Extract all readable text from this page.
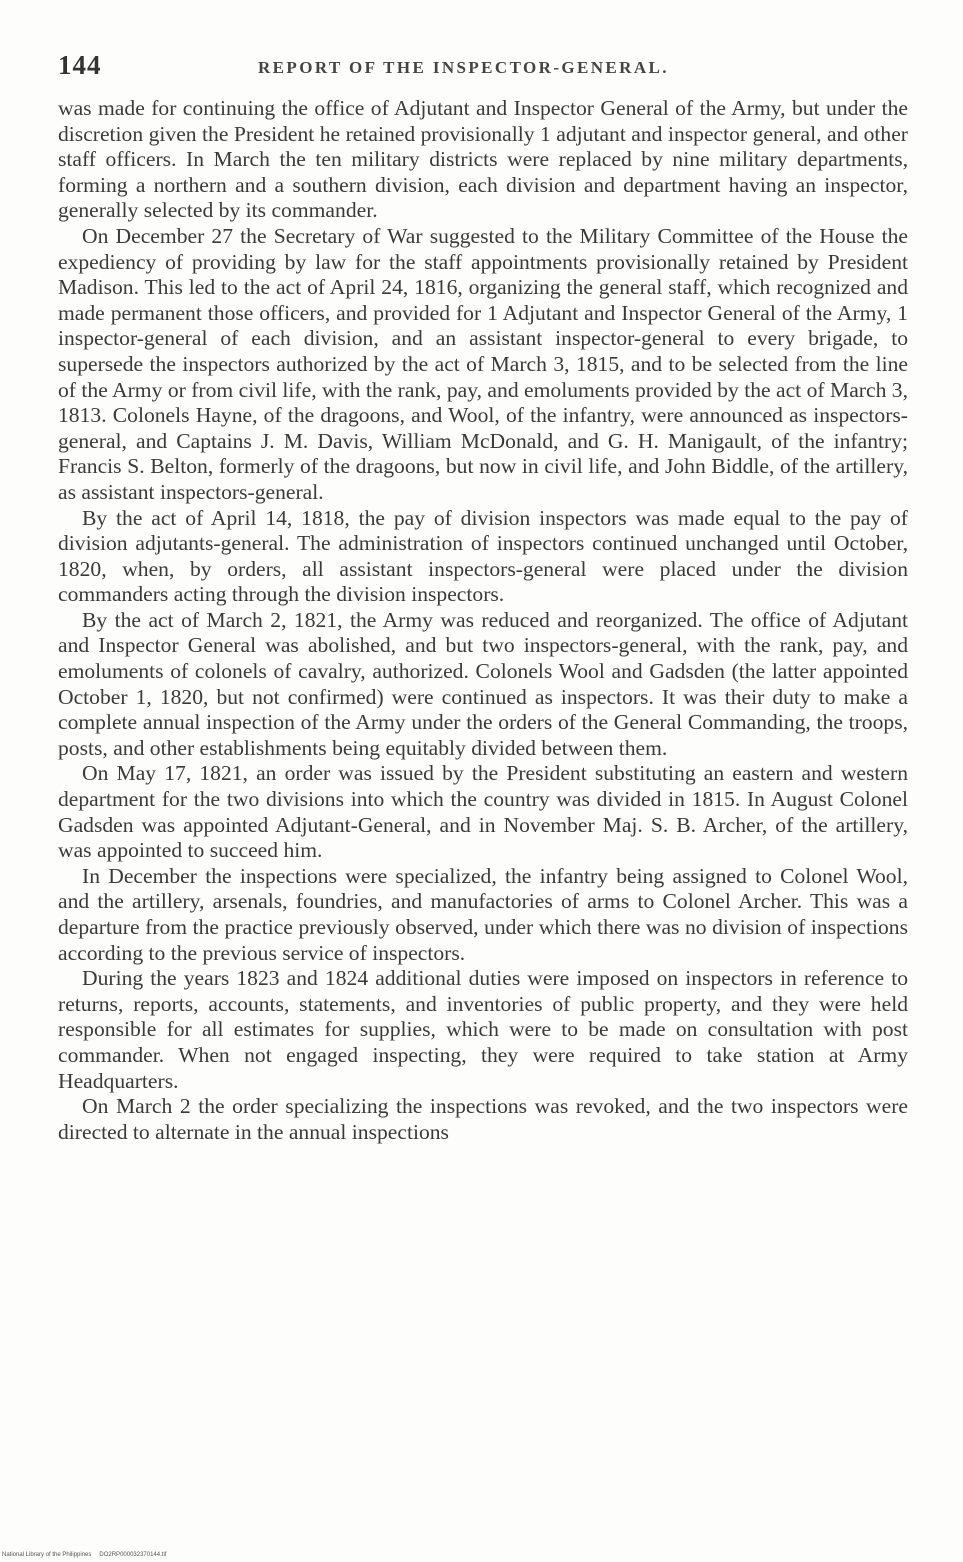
144	REPORT OF THE INSPECTOR-GENERAL.

was made for continuing the office of Adjutant and Inspector General of the Army, but under the discretion given the President he retained provisionally 1 adjutant and inspector general, and other staff officers. In March the ten military districts were replaced by nine military departments, forming a northern and a southern division, each division and department having an inspector, generally selected by its commander.

On December 27 the Secretary of War suggested to the Military Committee of the House the expediency of providing by law for the staff appointments provisionally retained by President Madison. This led to the act of April 24, 1816, organizing the general staff, which recognized and made permanent those officers, and provided for 1 Adjutant and Inspector General of the Army, 1 inspector-general of each division, and an assistant inspector-general to every brigade, to supersede the inspectors authorized by the act of March 3, 1815, and to be selected from the line of the Army or from civil life, with the rank, pay, and emoluments provided by the act of March 3, 1813. Colonels Hayne, of the dragoons, and Wool, of the infantry, were announced as inspectors-general, and Captains J. M. Davis, William McDonald, and G. H. Manigault, of the infantry; Francis S. Belton, formerly of the dragoons, but now in civil life, and John Biddle, of the artillery, as assistant inspectors-general.

By the act of April 14, 1818, the pay of division inspectors was made equal to the pay of division adjutants-general. The administration of inspectors continued unchanged until October, 1820, when, by orders, all assistant inspectors-general were placed under the division commanders acting through the division inspectors.

By the act of March 2, 1821, the Army was reduced and reorganized. The office of Adjutant and Inspector General was abolished, and but two inspectors-general, with the rank, pay, and emoluments of colonels of cavalry, authorized. Colonels Wool and Gadsden (the latter appointed October 1, 1820, but not confirmed) were continued as inspectors. It was their duty to make a complete annual inspection of the Army under the orders of the General Commanding, the troops, posts, and other establishments being equitably divided between them.

On May 17, 1821, an order was issued by the President substituting an eastern and western department for the two divisions into which the country was divided in 1815. In August Colonel Gadsden was appointed Adjutant-General, and in November Maj. S. B. Archer, of the artillery, was appointed to succeed him.

In December the inspections were specialized, the infantry being assigned to Colonel Wool, and the artillery, arsenals, foundries, and manufactories of arms to Colonel Archer. This was a departure from the practice previously observed, under which there was no division of inspections according to the previous service of inspectors.

During the years 1823 and 1824 additional duties were imposed on inspectors in reference to returns, reports, accounts, statements, and inventories of public property, and they were held responsible for all estimates for supplies, which were to be made on consultation with post commander. When not engaged inspecting, they were required to take station at Army Headquarters.

On March 2 the order specializing the inspections was revoked, and the two inspectors were directed to alternate in the annual inspections

National Library of the Philippines DO2RP000032370144.tif
